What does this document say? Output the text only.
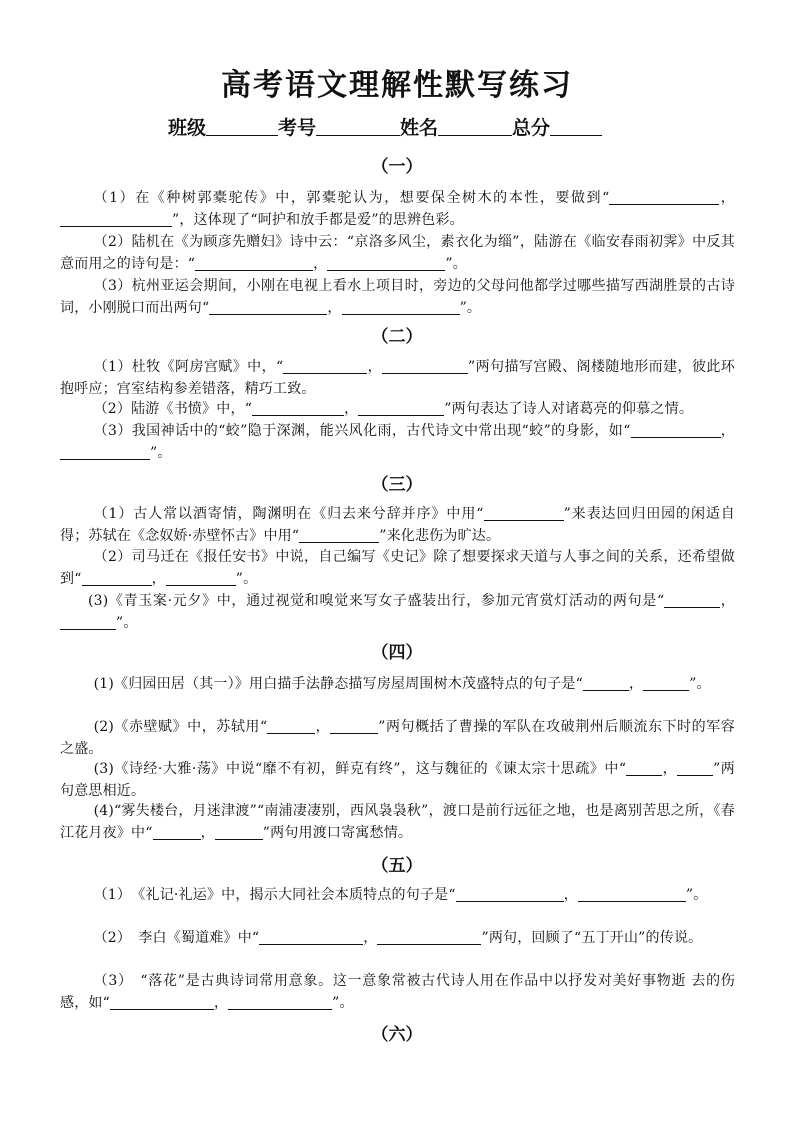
高考语文理解性默写练习
班级	考号	姓名	总分
（一）
（1）在《种树郭橐驼传》中，郭橐驼认为，想要保全树木的本性，要做到“	，”，这体现了“呵护和放手都是爱”的思辨色彩。
（2）陆机在《为顾彦先赠妇》诗中云：“京洛多风尘，素衣化为缁”，陆游在《临安春雨初霁》中反其意而用之的诗句是：“	，	”。
（3）杭州亚运会期间，小刚在电视上看水上项目时，旁边的父母问他都学过哪些描写西湖胜景的古诗词，小刚脱口而出两句“	，	”。
（二）
（1）杜牧《阿房宫赋》中，“	，	”两句描写宫殿、阁楼随地形而建，彼此环抱呼应；宫室结构参差错落，精巧工致。
（2）陆游《书愤》中，“	，	”两句表达了诗人对诸葛亮的仰慕之情。
（3）我国神话中的“蛟”隐于深渊，能兴风化雨，古代诗文中常出现“蛟”的身影，如“	，”。
（三）
（1）古人常以酒寄情，陶渊明在《归去来兮辞并序》中用“	”来表达回归田园的闲适自得；苏轼在《念奴娇·赤壁怀古》中用“	”来化悲伤为旷达。
（2）司马迁在《报任安书》中说，自己编写《史记》除了想要探求天道与人事之间的关系，还希望做到“	，	”。
(3)《青玉案·元夕》中，通过视觉和嗅觉来写女子盛装出行，参加元宵赏灯活动的两句是“	，”。
（四）
(1)《归园田居（其一）》用白描手法静态描写房屋周围树木茂盛特点的句子是“	，	”。
(2)《赤壁赋》中，苏轼用“	，	”两句概括了曹操的军队在攻破荆州后顺流东下时的军容之盛。
(3)《诗经·大雅·荡》中说“靡不有初，鲜克有终”，这与魏征的《谏太宗十思疏》中“	，	”两句意思相近。
(4)“雾失楼台，月迷津渡”“南浦凄凄别，西风袅袅秋”，渡口是前行远征之地，也是离别苦思之所，《春江花月夜》中“	，	”两句用渡口寄寓愁情。
（五）
（1）　《礼记·礼运》中，揭示大同社会本质特点的句子是“	，	”。
（2）　李白《蜀道难》中“	，	”两句，回顾了“五丁开山”的传说。
（3）　“落花”是古典诗词常用意象。这一意象常被古代诗人用在作品中以抒发对美好事物逝 去的伤感，如“	，	”。
（六）
